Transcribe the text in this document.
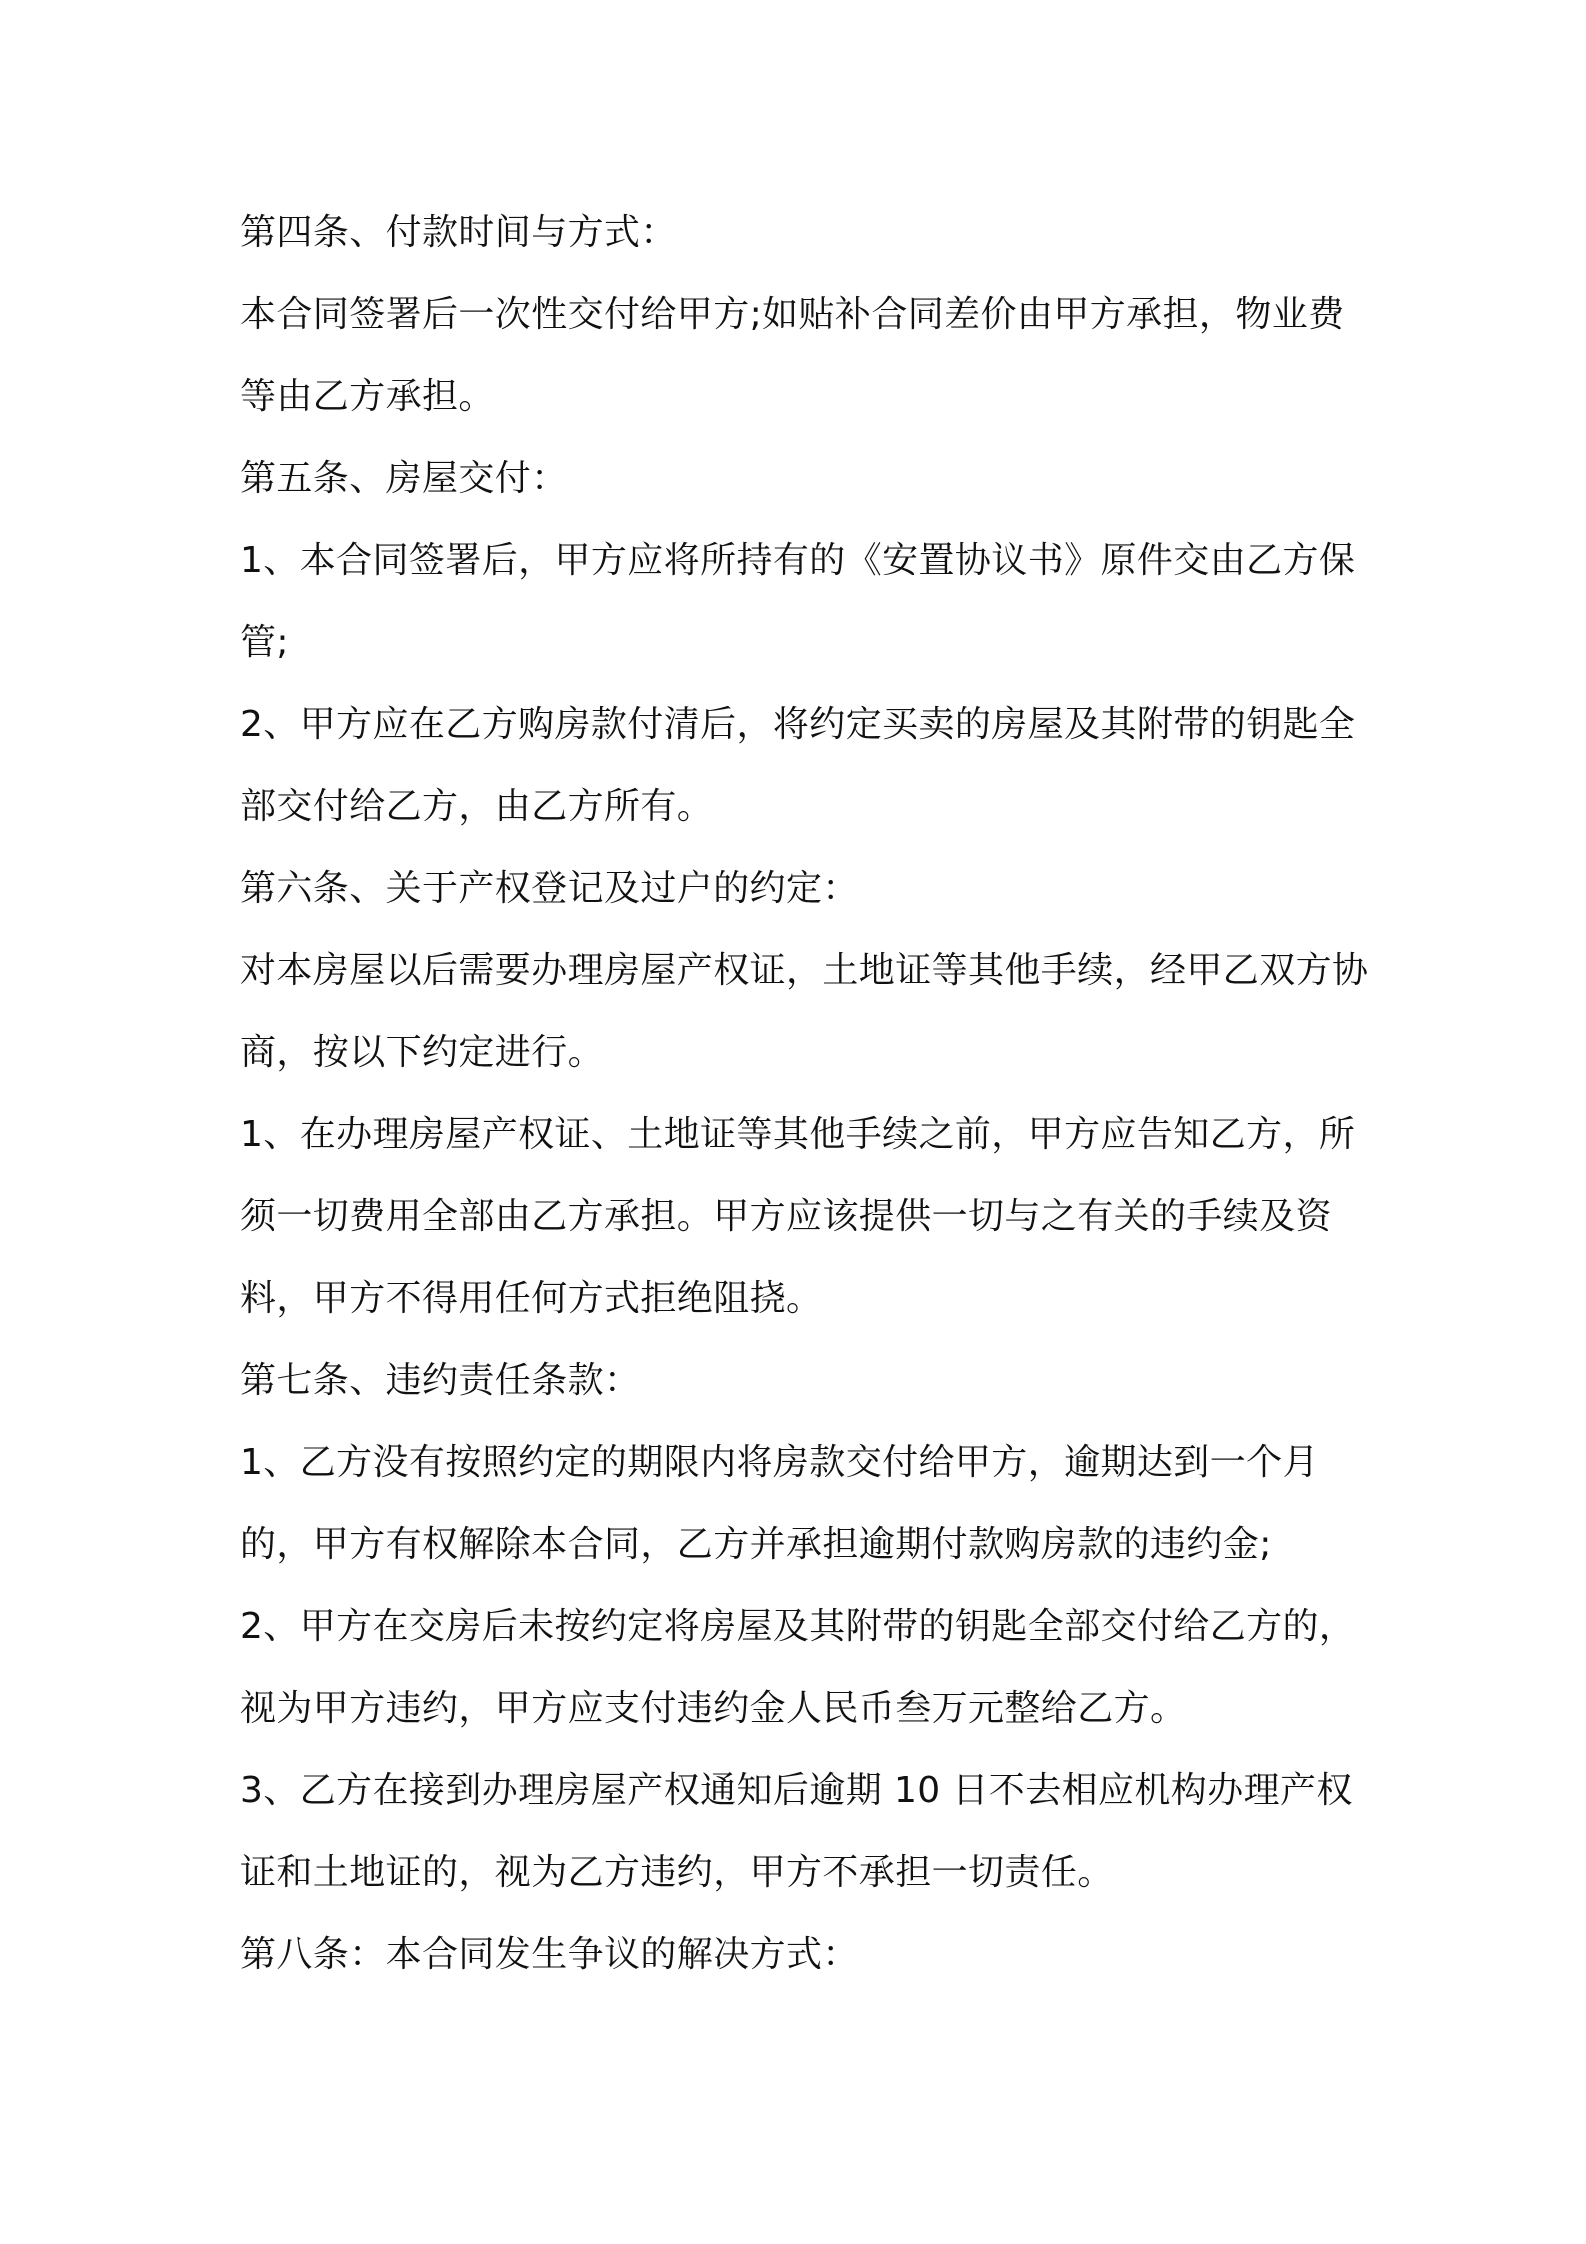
第四条、付款时间与方式：

本合同签署后一次性交付给甲方;如贴补合同差价由甲方承担，物业费等由乙方承担。

第五条、房屋交付：

1、本合同签署后，甲方应将所持有的《安置协议书》原件交由乙方保管;

2、甲方应在乙方购房款付清后，将约定买卖的房屋及其附带的钥匙全部交付给乙方，由乙方所有。

第六条、关于产权登记及过户的约定：

对本房屋以后需要办理房屋产权证，土地证等其他手续，经甲乙双方协商，按以下约定进行。

1、在办理房屋产权证、土地证等其他手续之前，甲方应告知乙方，所须一切费用全部由乙方承担。甲方应该提供一切与之有关的手续及资料，甲方不得用任何方式拒绝阻挠。

第七条、违约责任条款：

1、乙方没有按照约定的期限内将房款交付给甲方，逾期达到一个月的，甲方有权解除本合同，乙方并承担逾期付款购房款的违约金;

2、甲方在交房后未按约定将房屋及其附带的钥匙全部交付给乙方的，视为甲方违约，甲方应支付违约金人民币叁万元整给乙方。

3、乙方在接到办理房屋产权通知后逾期 10 日不去相应机构办理产权证和土地证的，视为乙方违约，甲方不承担一切责任。

第八条：本合同发生争议的解决方式：
